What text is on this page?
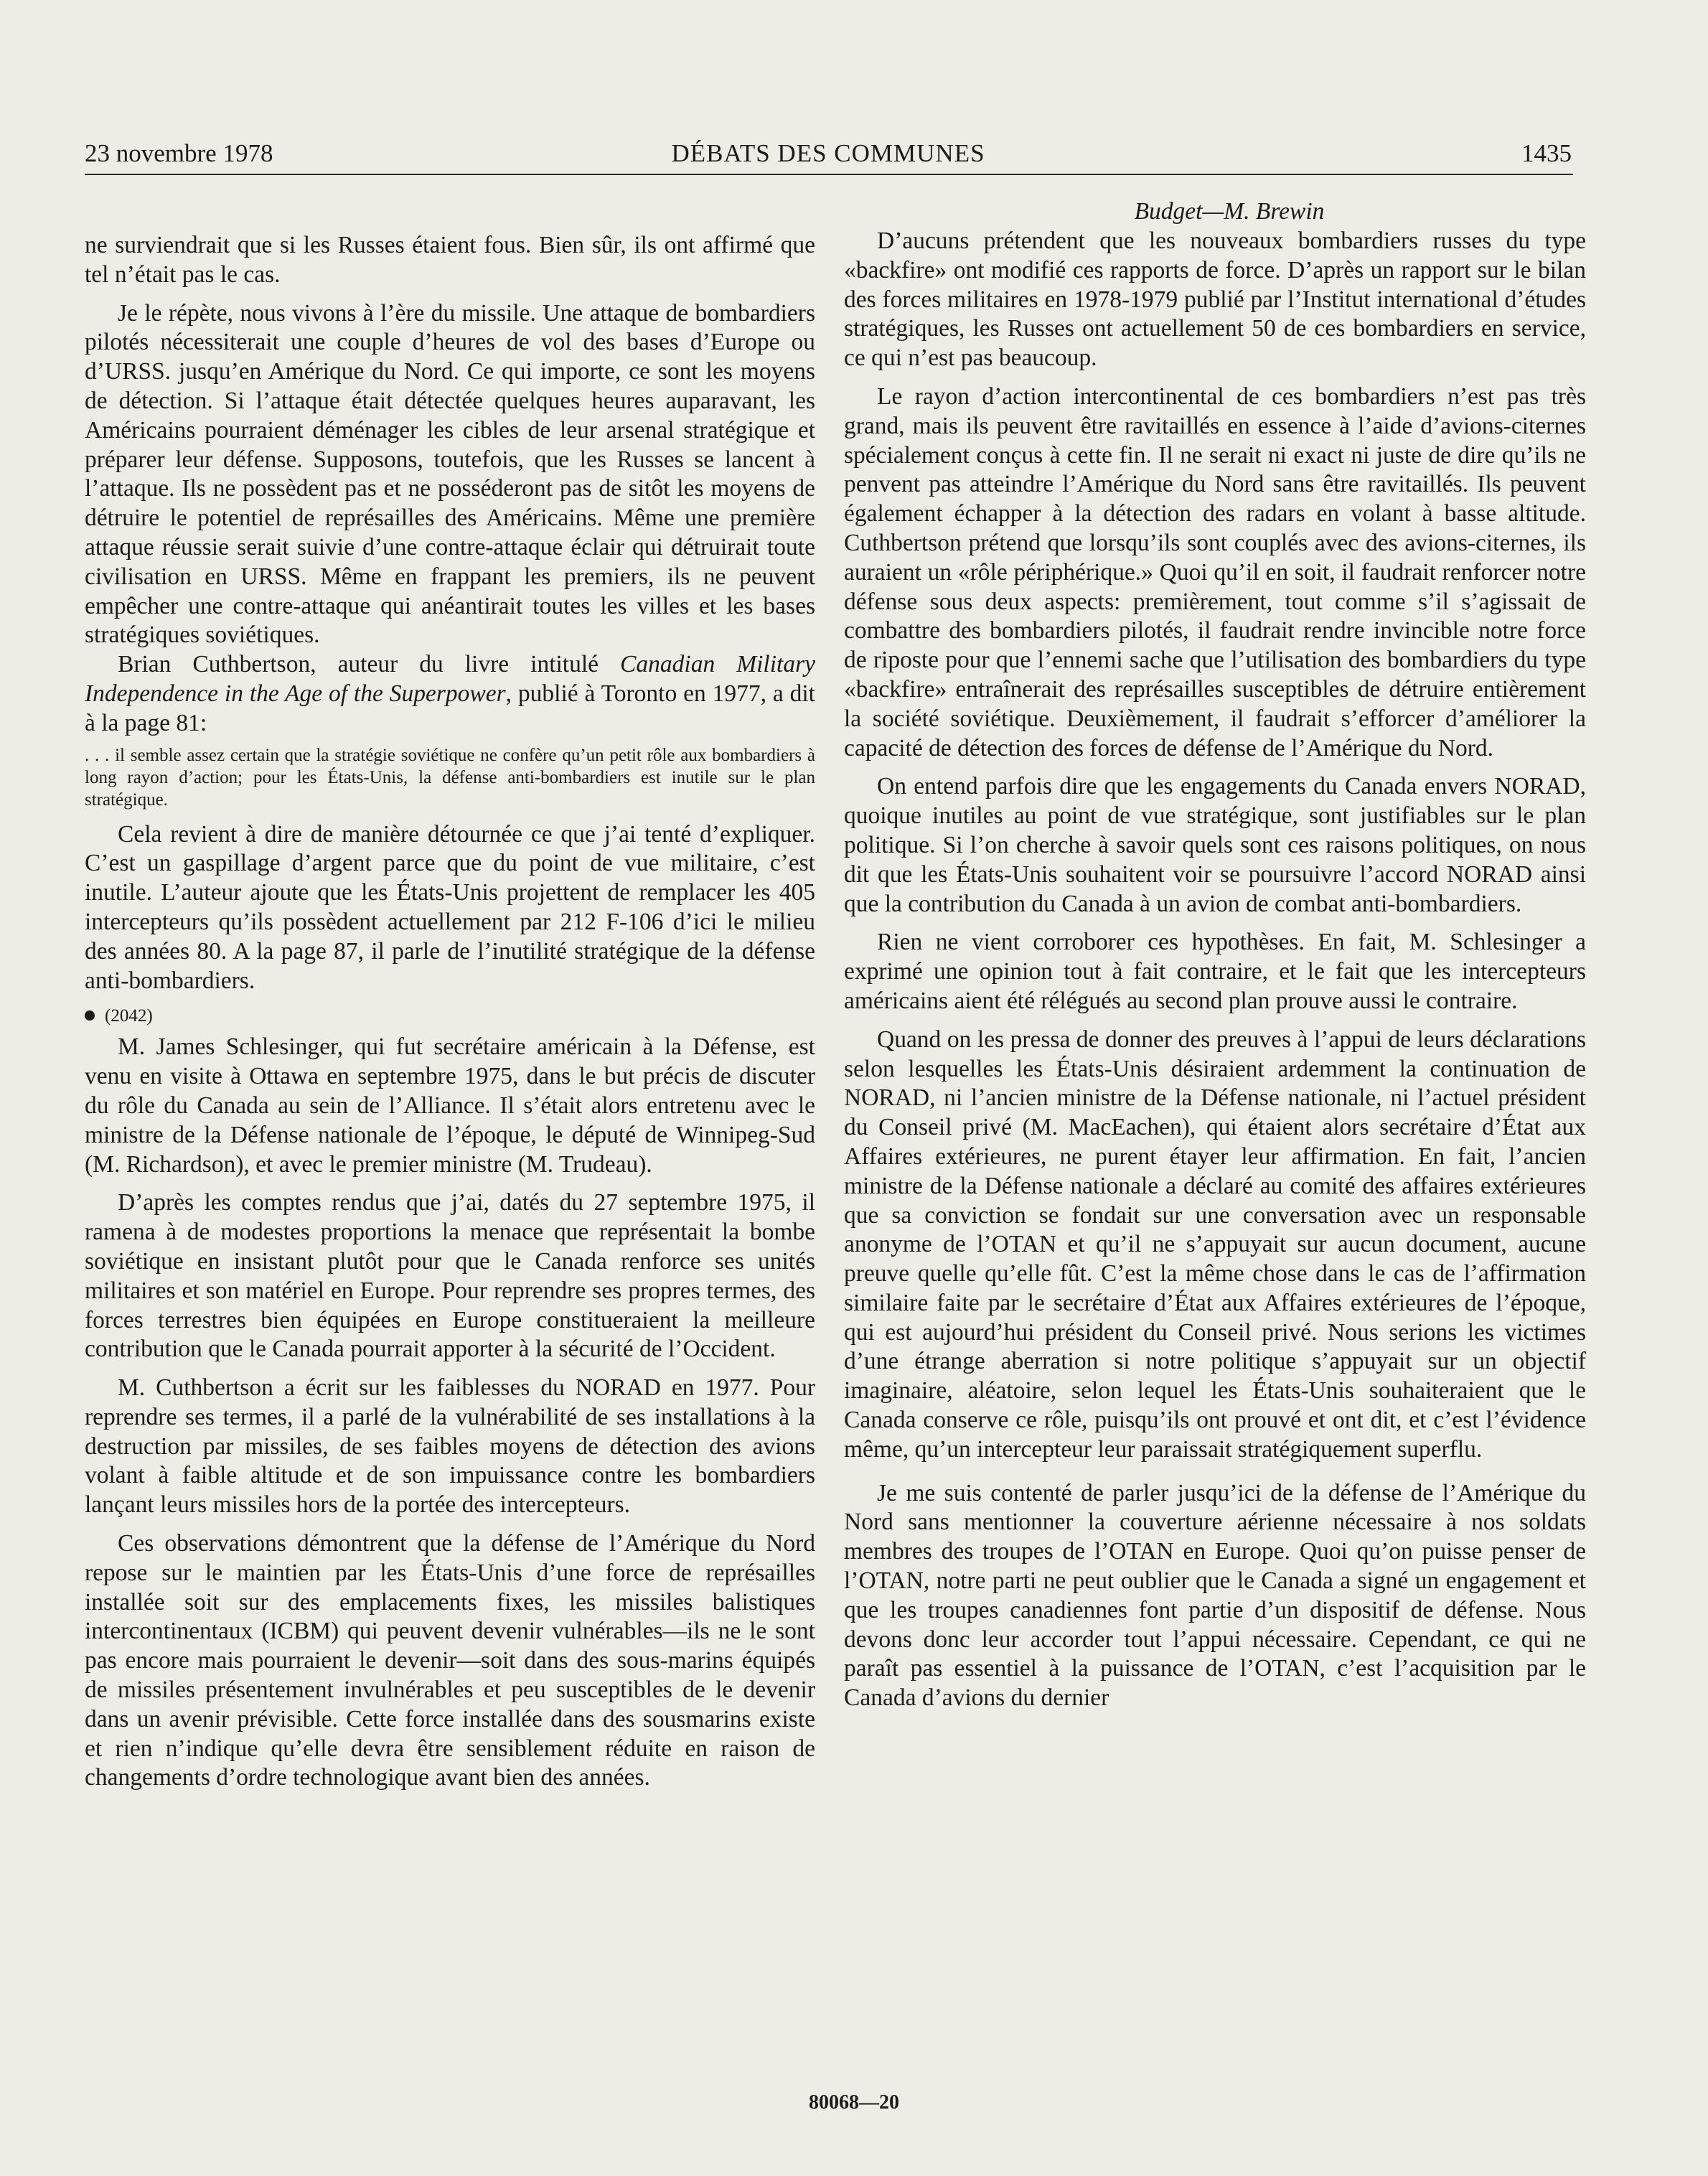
23 novembre 1978	DÉBATS DES COMMUNES	1435

ne surviendrait que si les Russes étaient fous. Bien sûr, ils ont affirmé que tel n’était pas le cas.

Je le répète, nous vivons à l’ère du missile. Une attaque de bombardiers pilotés nécessiterait une couple d’heures de vol des bases d’Europe ou d’URSS. jusqu’en Amérique du Nord. Ce qui importe, ce sont les moyens de détection. Si l’attaque était détectée quelques heures auparavant, les Américains pourraient déménager les cibles de leur arsenal stratégique et préparer leur défense. Supposons, toutefois, que les Russes se lancent à l’attaque. Ils ne possèdent pas et ne posséderont pas de sitôt les moyens de détruire le potentiel de représailles des Américains. Même une première attaque réussie serait suivie d’une contre-attaque éclair qui détruirait toute civilisation en URSS. Même en frappant les premiers, ils ne peuvent empêcher une contre-attaque qui anéantirait toutes les villes et les bases stratégiques soviétiques.

Brian Cuthbertson, auteur du livre intitulé Canadian Military Independence in the Age of the Superpower, publié à Toronto en 1977, a dit à la page 81:

. . . il semble assez certain que la stratégie soviétique ne confère qu’un petit rôle aux bombardiers à long rayon d’action; pour les États-Unis, la défense anti-bombardiers est inutile sur le plan stratégique.

Cela revient à dire de manière détournée ce que j’ai tenté d’expliquer. C’est un gaspillage d’argent parce que du point de vue militaire, c’est inutile. L’auteur ajoute que les États-Unis projettent de remplacer les 405 intercepteurs qu’ils possèdent actuellement par 212 F-106 d’ici le milieu des années 80. A la page 87, il parle de l’inutilité stratégique de la défense anti-bombardiers.

(2042)

M. James Schlesinger, qui fut secrétaire américain à la Défense, est venu en visite à Ottawa en septembre 1975, dans le but précis de discuter du rôle du Canada au sein de l’Alliance. Il s’était alors entretenu avec le ministre de la Défense nationale de l’époque, le député de Winnipeg-Sud (M. Richardson), et avec le premier ministre (M. Trudeau).

D’après les comptes rendus que j’ai, datés du 27 septembre 1975, il ramena à de modestes proportions la menace que représentait la bombe soviétique en insistant plutôt pour que le Canada renforce ses unités militaires et son matériel en Europe. Pour reprendre ses propres termes, des forces terrestres bien équipées en Europe constitueraient la meilleure contribution que le Canada pourrait apporter à la sécurité de l’Occident.

M. Cuthbertson a écrit sur les faiblesses du NORAD en 1977. Pour reprendre ses termes, il a parlé de la vulnérabilité de ses installations à la destruction par missiles, de ses faibles moyens de détection des avions volant à faible altitude et de son impuissance contre les bombardiers lançant leurs missiles hors de la portée des intercepteurs.

Ces observations démontrent que la défense de l’Amérique du Nord repose sur le maintien par les États-Unis d’une force de représailles installée soit sur des emplacements fixes, les missiles balistiques intercontinentaux (ICBM) qui peuvent devenir vulnérables—ils ne le sont pas encore mais pourraient le devenir—soit dans des sous-marins équipés de missiles présentement invulnérables et peu susceptibles de le devenir dans un avenir prévisible. Cette force installée dans des sousmarins existe et rien n’indique qu’elle devra être sensiblement réduite en raison de changements d’ordre technologique avant bien des années.

Budget—M. Brewin

D’aucuns prétendent que les nouveaux bombardiers russes du type «backfire» ont modifié ces rapports de force. D’après un rapport sur le bilan des forces militaires en 1978-1979 publié par l’Institut international d’études stratégiques, les Russes ont actuellement 50 de ces bombardiers en service, ce qui n’est pas beaucoup.

Le rayon d’action intercontinental de ces bombardiers n’est pas très grand, mais ils peuvent être ravitaillés en essence à l’aide d’avions-citernes spécialement conçus à cette fin. Il ne serait ni exact ni juste de dire qu’ils ne penvent pas atteindre l’Amérique du Nord sans être ravitaillés. Ils peuvent également échapper à la détection des radars en volant à basse altitude. Cuthbertson prétend que lorsqu’ils sont couplés avec des avions-citernes, ils auraient un «rôle périphérique.» Quoi qu’il en soit, il faudrait renforcer notre défense sous deux aspects: premièrement, tout comme s’il s’agissait de combattre des bombardiers pilotés, il faudrait rendre invincible notre force de riposte pour que l’ennemi sache que l’utilisation des bombardiers du type «backfire» entraînerait des représailles susceptibles de détruire entièrement la société soviétique. Deuxièmement, il faudrait s’efforcer d’améliorer la capacité de détection des forces de défense de l’Amérique du Nord.

On entend parfois dire que les engagements du Canada envers NORAD, quoique inutiles au point de vue stratégique, sont justifiables sur le plan politique. Si l’on cherche à savoir quels sont ces raisons politiques, on nous dit que les États-Unis souhaitent voir se poursuivre l’accord NORAD ainsi que la contribution du Canada à un avion de combat anti-bombardiers.

Rien ne vient corroborer ces hypothèses. En fait, M. Schlesinger a exprimé une opinion tout à fait contraire, et le fait que les intercepteurs américains aient été rélégués au second plan prouve aussi le contraire.

Quand on les pressa de donner des preuves à l’appui de leurs déclarations selon lesquelles les États-Unis désiraient ardemment la continuation de NORAD, ni l’ancien ministre de la Défense nationale, ni l’actuel président du Conseil privé (M. MacEachen), qui étaient alors secrétaire d’État aux Affaires extérieures, ne purent étayer leur affirmation. En fait, l’ancien ministre de la Défense nationale a déclaré au comité des affaires extérieures que sa conviction se fondait sur une conversation avec un responsable anonyme de l’OTAN et qu’il ne s’appuyait sur aucun document, aucune preuve quelle qu’elle fût. C’est la même chose dans le cas de l’affirmation similaire faite par le secrétaire d’État aux Affaires extérieures de l’époque, qui est aujourd’hui président du Conseil privé. Nous serions les victimes d’une étrange aberration si notre politique s’appuyait sur un objectif imaginaire, aléatoire, selon lequel les États-Unis souhaiteraient que le Canada conserve ce rôle, puisqu’ils ont prouvé et ont dit, et c’est l’évidence même, qu’un intercepteur leur paraissait stratégiquement superflu.

Je me suis contenté de parler jusqu’ici de la défense de l’Amérique du Nord sans mentionner la couverture aérienne nécessaire à nos soldats membres des troupes de l’OTAN en Europe. Quoi qu’on puisse penser de l’OTAN, notre parti ne peut oublier que le Canada a signé un engagement et que les troupes canadiennes font partie d’un dispositif de défense. Nous devons donc leur accorder tout l’appui nécessaire. Cependant, ce qui ne paraît pas essentiel à la puissance de l’OTAN, c’est l’acquisition par le Canada d’avions du dernier

80068—20
